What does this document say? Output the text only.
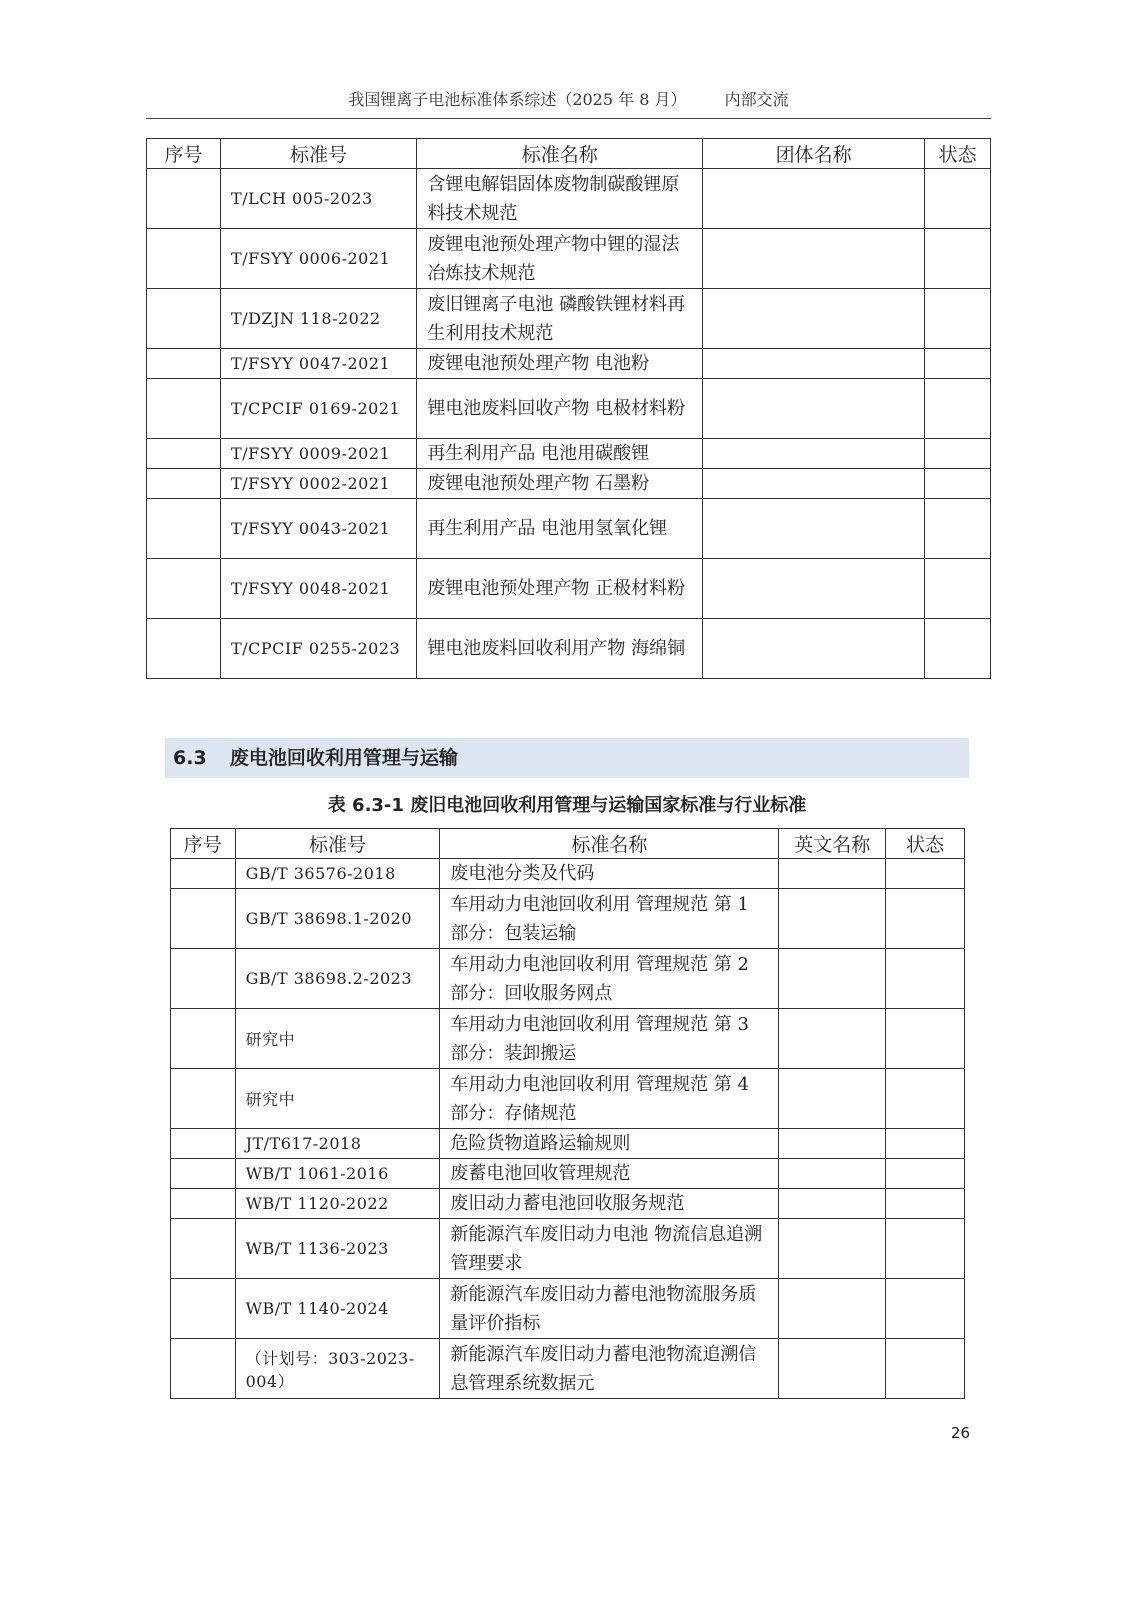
我国锂离子电池标准体系综述（2025 年 8 月） 内部交流
序号	标准号	标准名称	团体名称	状态
	T/LCH 005-2023	含锂电解铝固体废物制碳酸锂原料技术规范		
	T/FSYY 0006-2021	废锂电池预处理产物中锂的湿法冶炼技术规范		
	T/DZJN 118-2022	废旧锂离子电池 磷酸铁锂材料再生利用技术规范		
	T/FSYY 0047-2021	废锂电池预处理产物 电池粉		
	T/CPCIF 0169-2021	锂电池废料回收产物 电极材料粉		
	T/FSYY 0009-2021	再生利用产品 电池用碳酸锂		
	T/FSYY 0002-2021	废锂电池预处理产物 石墨粉		
	T/FSYY 0043-2021	再生利用产品 电池用氢氧化锂		
	T/FSYY 0048-2021	废锂电池预处理产物 正极材料粉		
	T/CPCIF 0255-2023	锂电池废料回收利用产物 海绵铜		
6.3 废电池回收利用管理与运输
表 6.3-1 废旧电池回收利用管理与运输国家标准与行业标准
序号	标准号	标准名称	英文名称	状态
	GB/T 36576-2018	废电池分类及代码		
	GB/T 38698.1-2020	车用动力电池回收利用 管理规范 第 1 部分：包装运输		
	GB/T 38698.2-2023	车用动力电池回收利用 管理规范 第 2 部分：回收服务网点		
	研究中	车用动力电池回收利用 管理规范 第 3 部分：装卸搬运		
	研究中	车用动力电池回收利用 管理规范 第 4 部分：存储规范		
	JT/T617-2018	危险货物道路运输规则		
	WB/T 1061-2016	废蓄电池回收管理规范		
	WB/T 1120-2022	废旧动力蓄电池回收服务规范		
	WB/T 1136-2023	新能源汽车废旧动力电池 物流信息追溯管理要求		
	WB/T 1140-2024	新能源汽车废旧动力蓄电池物流服务质量评价指标		
	（计划号：303-2023-004）	新能源汽车废旧动力蓄电池物流追溯信息管理系统数据元		
26
